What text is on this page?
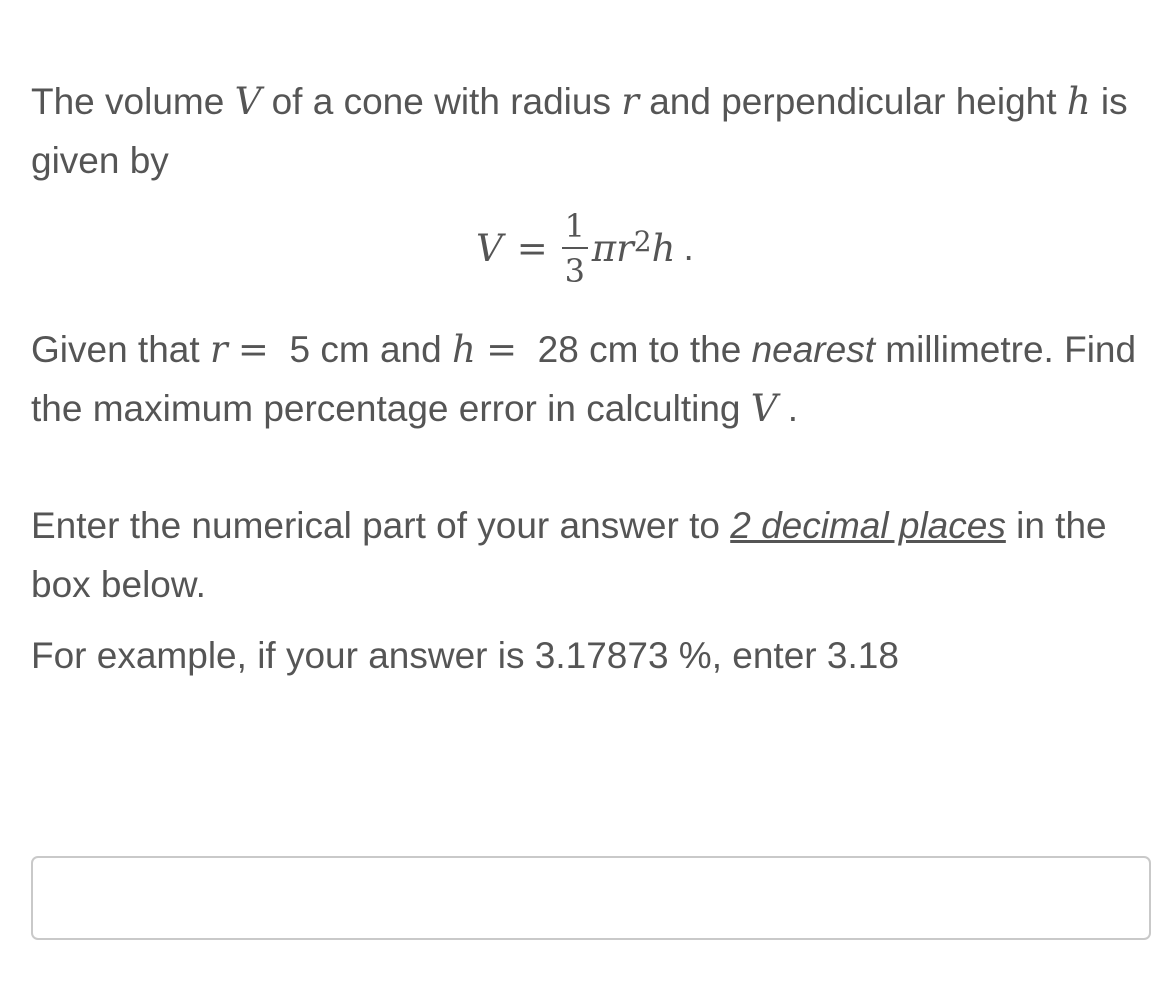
The volume V of a cone with radius r and perpendicular height h is given by

$V = \frac{1}{3} \pi r^2$ h .

Given that r = 5 cm and h = 28 cm to the nearest millimetre. Find the maximum percentage error in calculting V .

Enter the numerical part of your answer to 2 decimal places in the box below.

For example, if your answer is 3.17873 %, enter 3.18
